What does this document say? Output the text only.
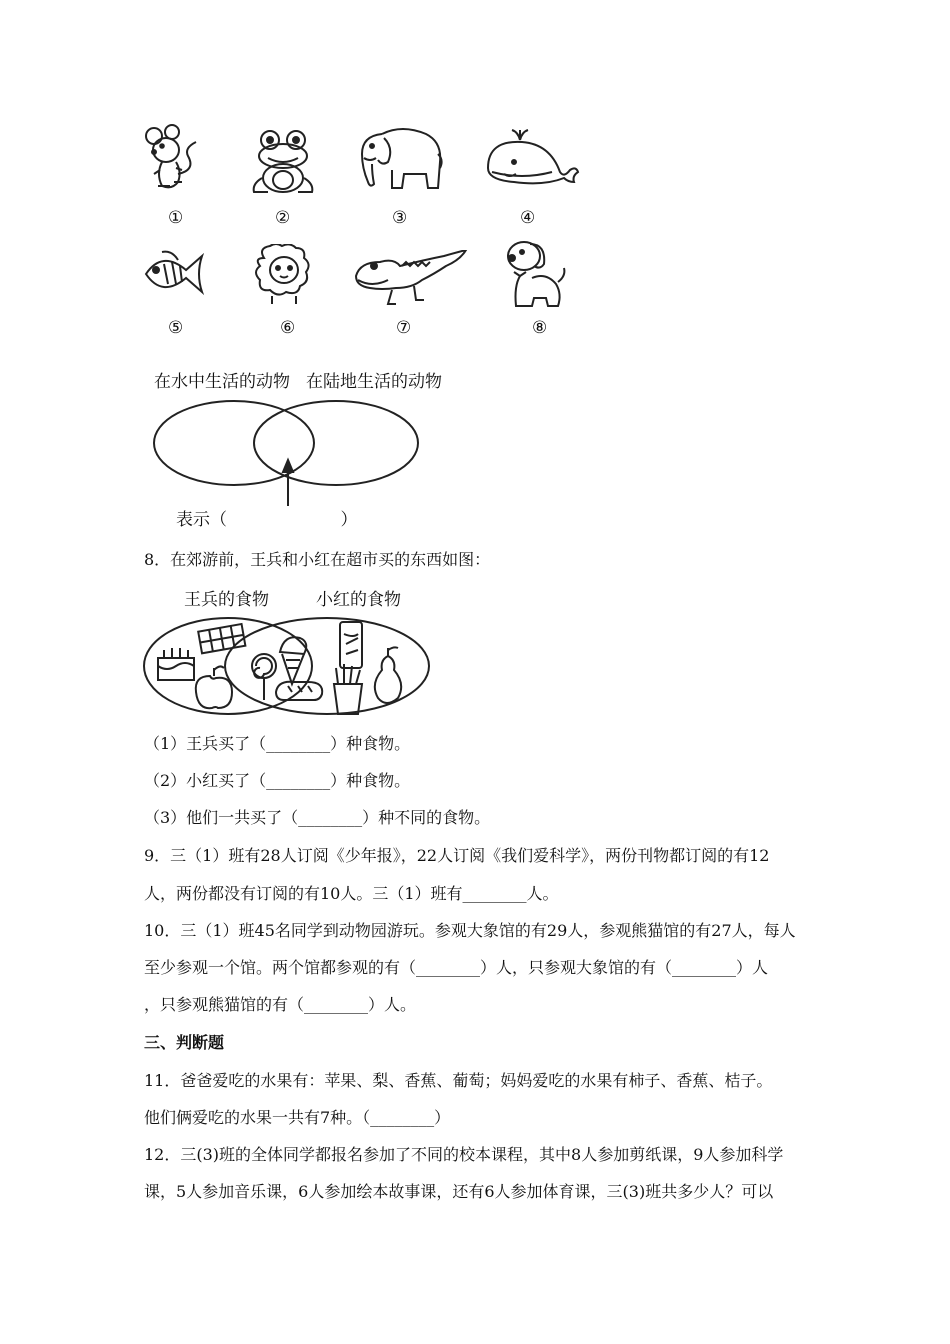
①	②	③	④
⑤	⑥	⑦	⑧
在水中生活的动物 在陆地生活的动物
表示（                     ）
8．在郊游前，王兵和小红在超市买的东西如图：
王兵的食物	小红的食物
（1）王兵买了（________）种食物。
（2）小红买了（________）种食物。
（3）他们一共买了（________）种不同的食物。
9．三（1）班有28人订阅《少年报》，22人订阅《我们爱科学》，两份刊物都订阅的有12
人，两份都没有订阅的有10人。三（1）班有________人。
10．三（1）班45名同学到动物园游玩。参观大象馆的有29人，参观熊猫馆的有27人，每人
至少参观一个馆。两个馆都参观的有（________）人，只参观大象馆的有（________）人
，只参观熊猫馆的有（________）人。
三、判断题
11．爸爸爱吃的水果有：苹果、梨、香蕉、葡萄；妈妈爱吃的水果有柿子、香蕉、桔子。
他们俩爱吃的水果一共有7种。（________）
12．三(3)班的全体同学都报名参加了不同的校本课程，其中8人参加剪纸课，9人参加科学
课，5人参加音乐课，6人参加绘本故事课，还有6人参加体育课，三(3)班共多少人？可以
